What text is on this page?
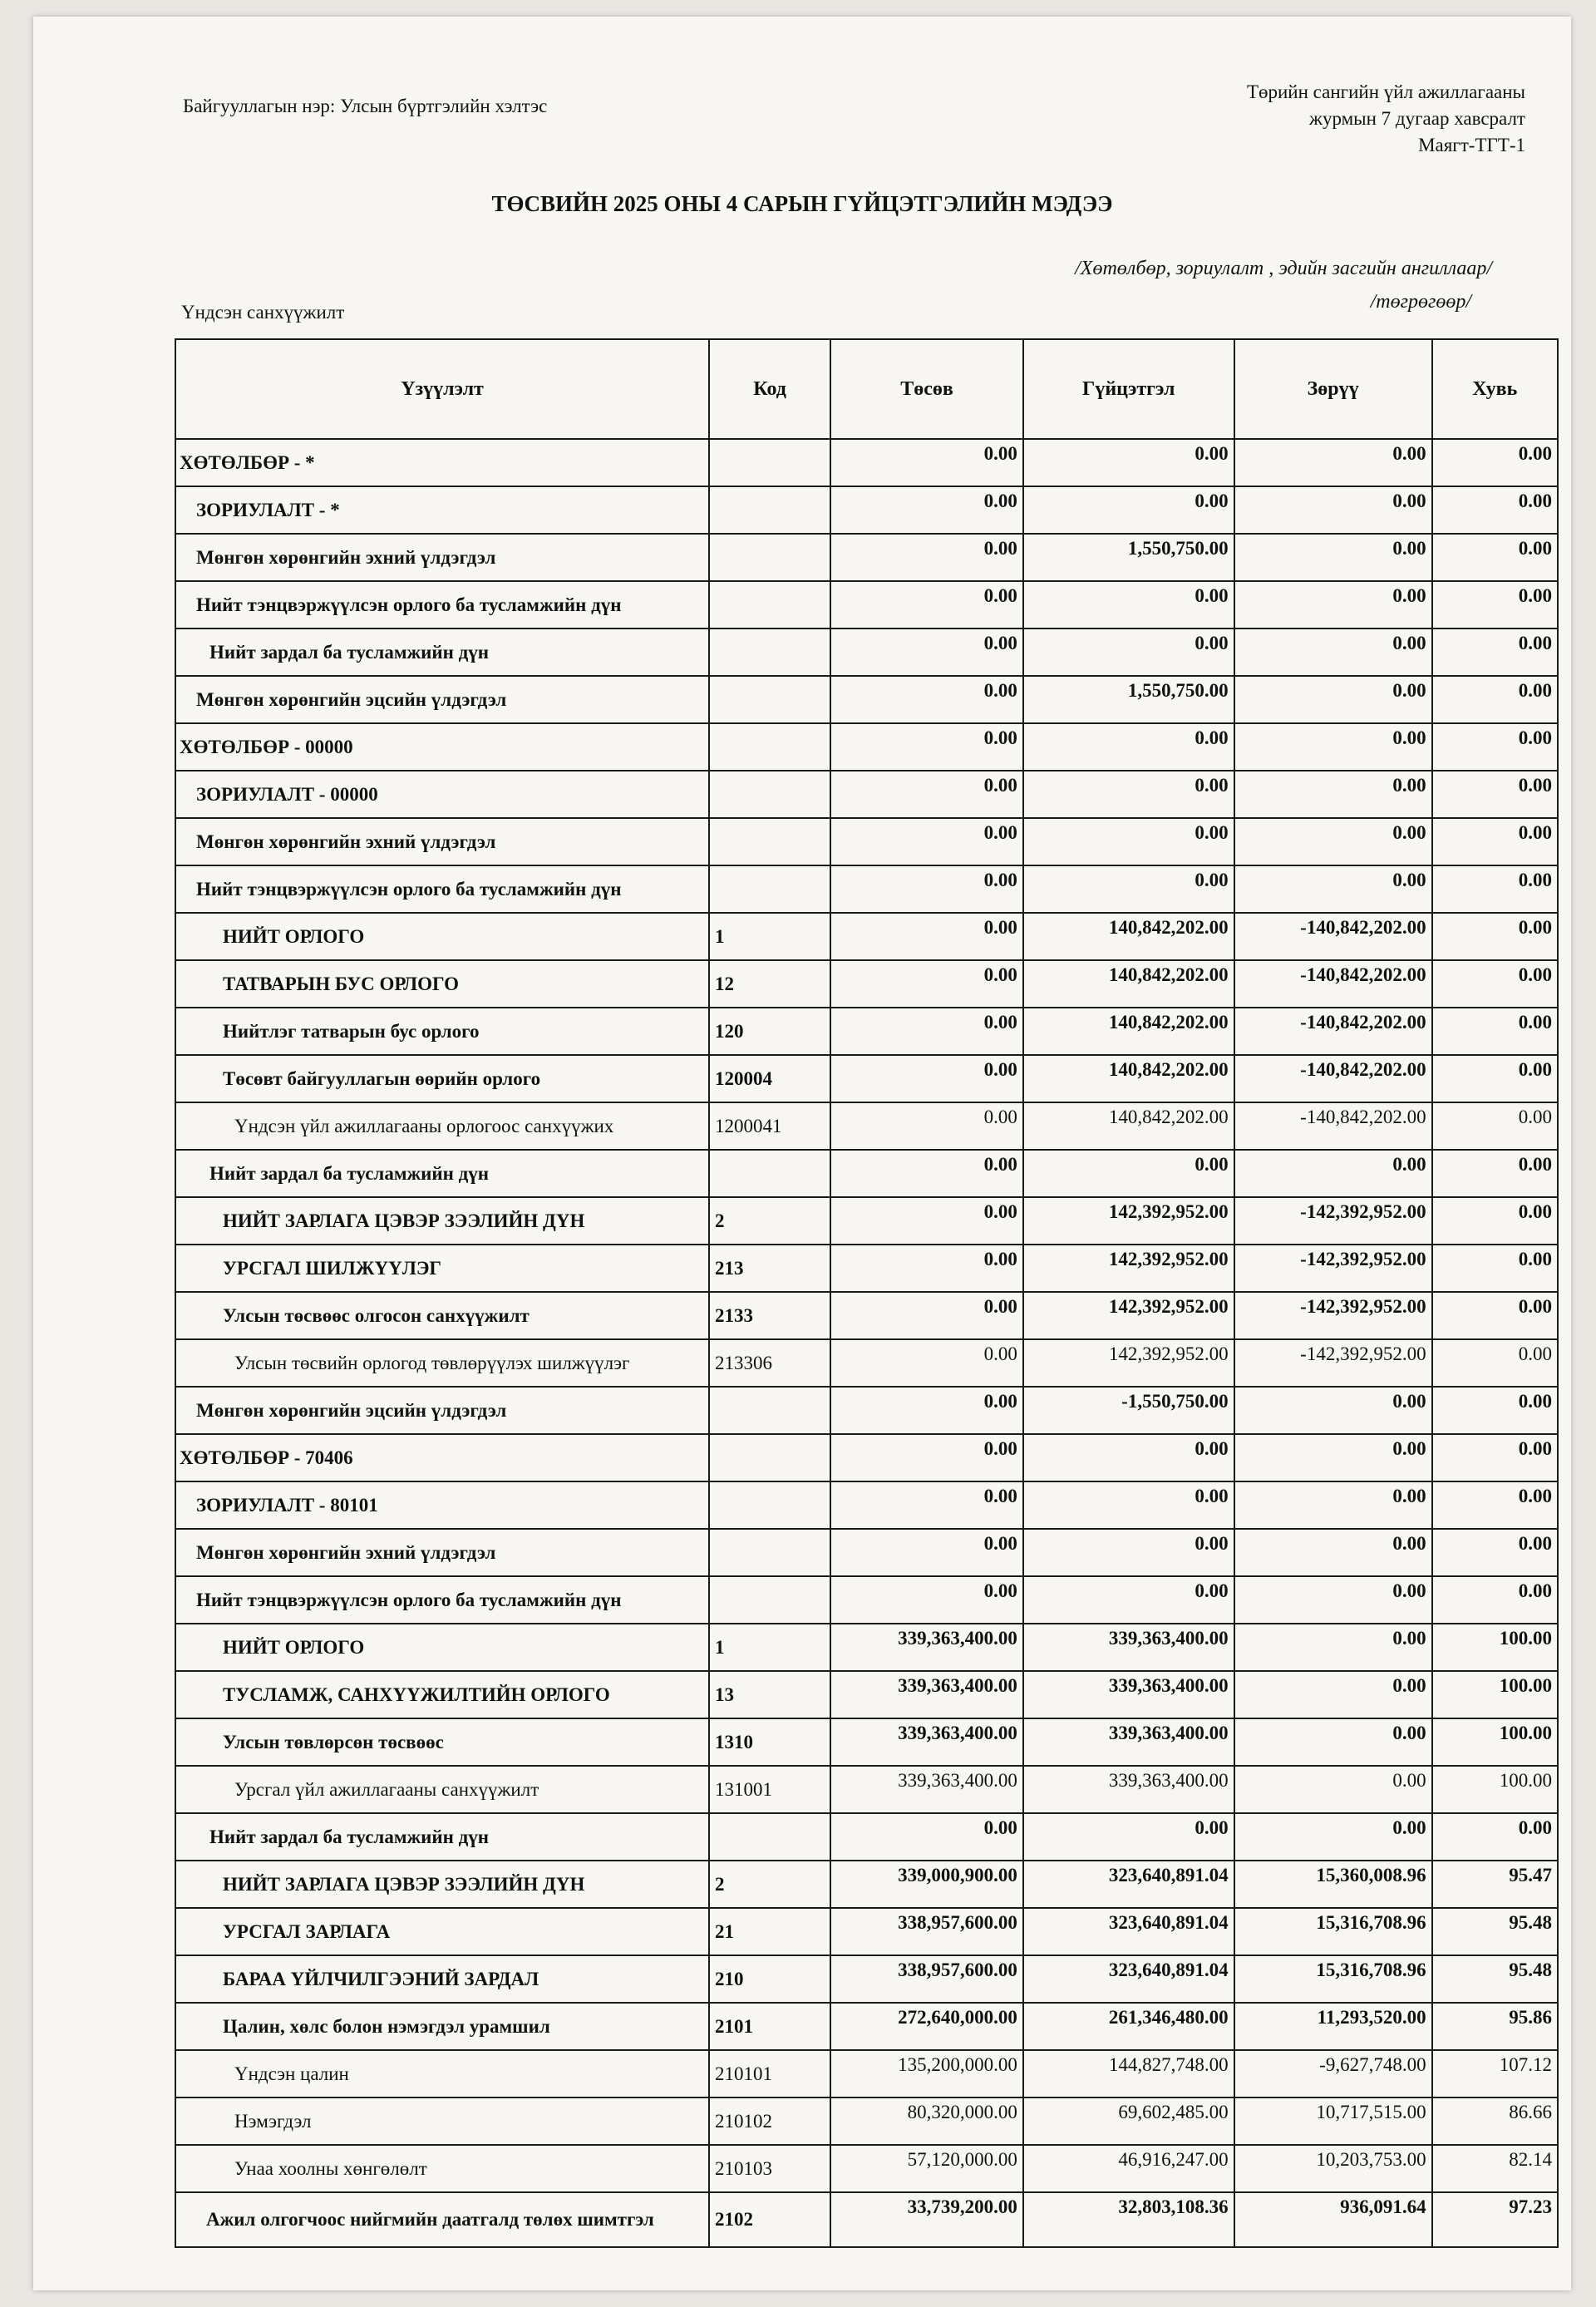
Байгууллагын нэр: Улсын бүртгэлийн хэлтэс
Төрийн сангийн үйл ажиллагааны
журмын 7 дугаар хавсралт
Маягт-ТГТ-1
ТӨСВИЙН 2025 ОНЫ 4 САРЫН ГҮЙЦЭТГЭЛИЙН МЭДЭЭ
/Хөтөлбөр, зориулалт , эдийн засгийн ангиллаар/
/төгрөгөөр/
Үндсэн санхүүжилт
Үзүүлэлт	Код	Төсөв	Гүйцэтгэл	Зөрүү	Хувь
ХӨТӨЛБӨР - *		0.00	0.00	0.00	0.00
ЗОРИУЛАЛТ - *		0.00	0.00	0.00	0.00
Мөнгөн хөрөнгийн эхний үлдэгдэл		0.00	1,550,750.00	0.00	0.00
Нийт тэнцвэржүүлсэн орлого ба тусламжийн дүн		0.00	0.00	0.00	0.00
Нийт зардал ба тусламжийн дүн		0.00	0.00	0.00	0.00
Мөнгөн хөрөнгийн эцсийн үлдэгдэл		0.00	1,550,750.00	0.00	0.00
ХӨТӨЛБӨР - 00000		0.00	0.00	0.00	0.00
ЗОРИУЛАЛТ - 00000		0.00	0.00	0.00	0.00
Мөнгөн хөрөнгийн эхний үлдэгдэл		0.00	0.00	0.00	0.00
Нийт тэнцвэржүүлсэн орлого ба тусламжийн дүн		0.00	0.00	0.00	0.00
НИЙТ ОРЛОГО	1	0.00	140,842,202.00	-140,842,202.00	0.00
ТАТВАРЫН БУС ОРЛОГО	12	0.00	140,842,202.00	-140,842,202.00	0.00
Нийтлэг татварын бус орлого	120	0.00	140,842,202.00	-140,842,202.00	0.00
Төсөвт байгууллагын өөрийн орлого	120004	0.00	140,842,202.00	-140,842,202.00	0.00
Үндсэн үйл ажиллагааны орлогоос санхүүжих	1200041	0.00	140,842,202.00	-140,842,202.00	0.00
Нийт зардал ба тусламжийн дүн		0.00	0.00	0.00	0.00
НИЙТ ЗАРЛАГА ЦЭВЭР ЗЭЭЛИЙН ДҮН	2	0.00	142,392,952.00	-142,392,952.00	0.00
УРСГАЛ ШИЛЖҮҮЛЭГ	213	0.00	142,392,952.00	-142,392,952.00	0.00
Улсын төсвөөс олгосон санхүүжилт	2133	0.00	142,392,952.00	-142,392,952.00	0.00
Улсын төсвийн орлогод төвлөрүүлэх шилжүүлэг	213306	0.00	142,392,952.00	-142,392,952.00	0.00
Мөнгөн хөрөнгийн эцсийн үлдэгдэл		0.00	-1,550,750.00	0.00	0.00
ХӨТӨЛБӨР - 70406		0.00	0.00	0.00	0.00
ЗОРИУЛАЛТ - 80101		0.00	0.00	0.00	0.00
Мөнгөн хөрөнгийн эхний үлдэгдэл		0.00	0.00	0.00	0.00
Нийт тэнцвэржүүлсэн орлого ба тусламжийн дүн		0.00	0.00	0.00	0.00
НИЙТ ОРЛОГО	1	339,363,400.00	339,363,400.00	0.00	100.00
ТУСЛАМЖ, САНХҮҮЖИЛТИЙН ОРЛОГО	13	339,363,400.00	339,363,400.00	0.00	100.00
Улсын төвлөрсөн төсвөөс	1310	339,363,400.00	339,363,400.00	0.00	100.00
Урсгал үйл ажиллагааны санхүүжилт	131001	339,363,400.00	339,363,400.00	0.00	100.00
Нийт зардал ба тусламжийн дүн		0.00	0.00	0.00	0.00
НИЙТ ЗАРЛАГА ЦЭВЭР ЗЭЭЛИЙН ДҮН	2	339,000,900.00	323,640,891.04	15,360,008.96	95.47
УРСГАЛ ЗАРЛАГА	21	338,957,600.00	323,640,891.04	15,316,708.96	95.48
БАРАА ҮЙЛЧИЛГЭЭНИЙ ЗАРДАЛ	210	338,957,600.00	323,640,891.04	15,316,708.96	95.48
Цалин, хөлс болон нэмэгдэл урамшил	2101	272,640,000.00	261,346,480.00	11,293,520.00	95.86
Үндсэн цалин	210101	135,200,000.00	144,827,748.00	-9,627,748.00	107.12
Нэмэгдэл	210102	80,320,000.00	69,602,485.00	10,717,515.00	86.66
Унаа хоолны хөнгөлөлт	210103	57,120,000.00	46,916,247.00	10,203,753.00	82.14
Ажил олгогчоос нийгмийн даатгалд төлөх шимтгэл	2102	33,739,200.00	32,803,108.36	936,091.64	97.23
